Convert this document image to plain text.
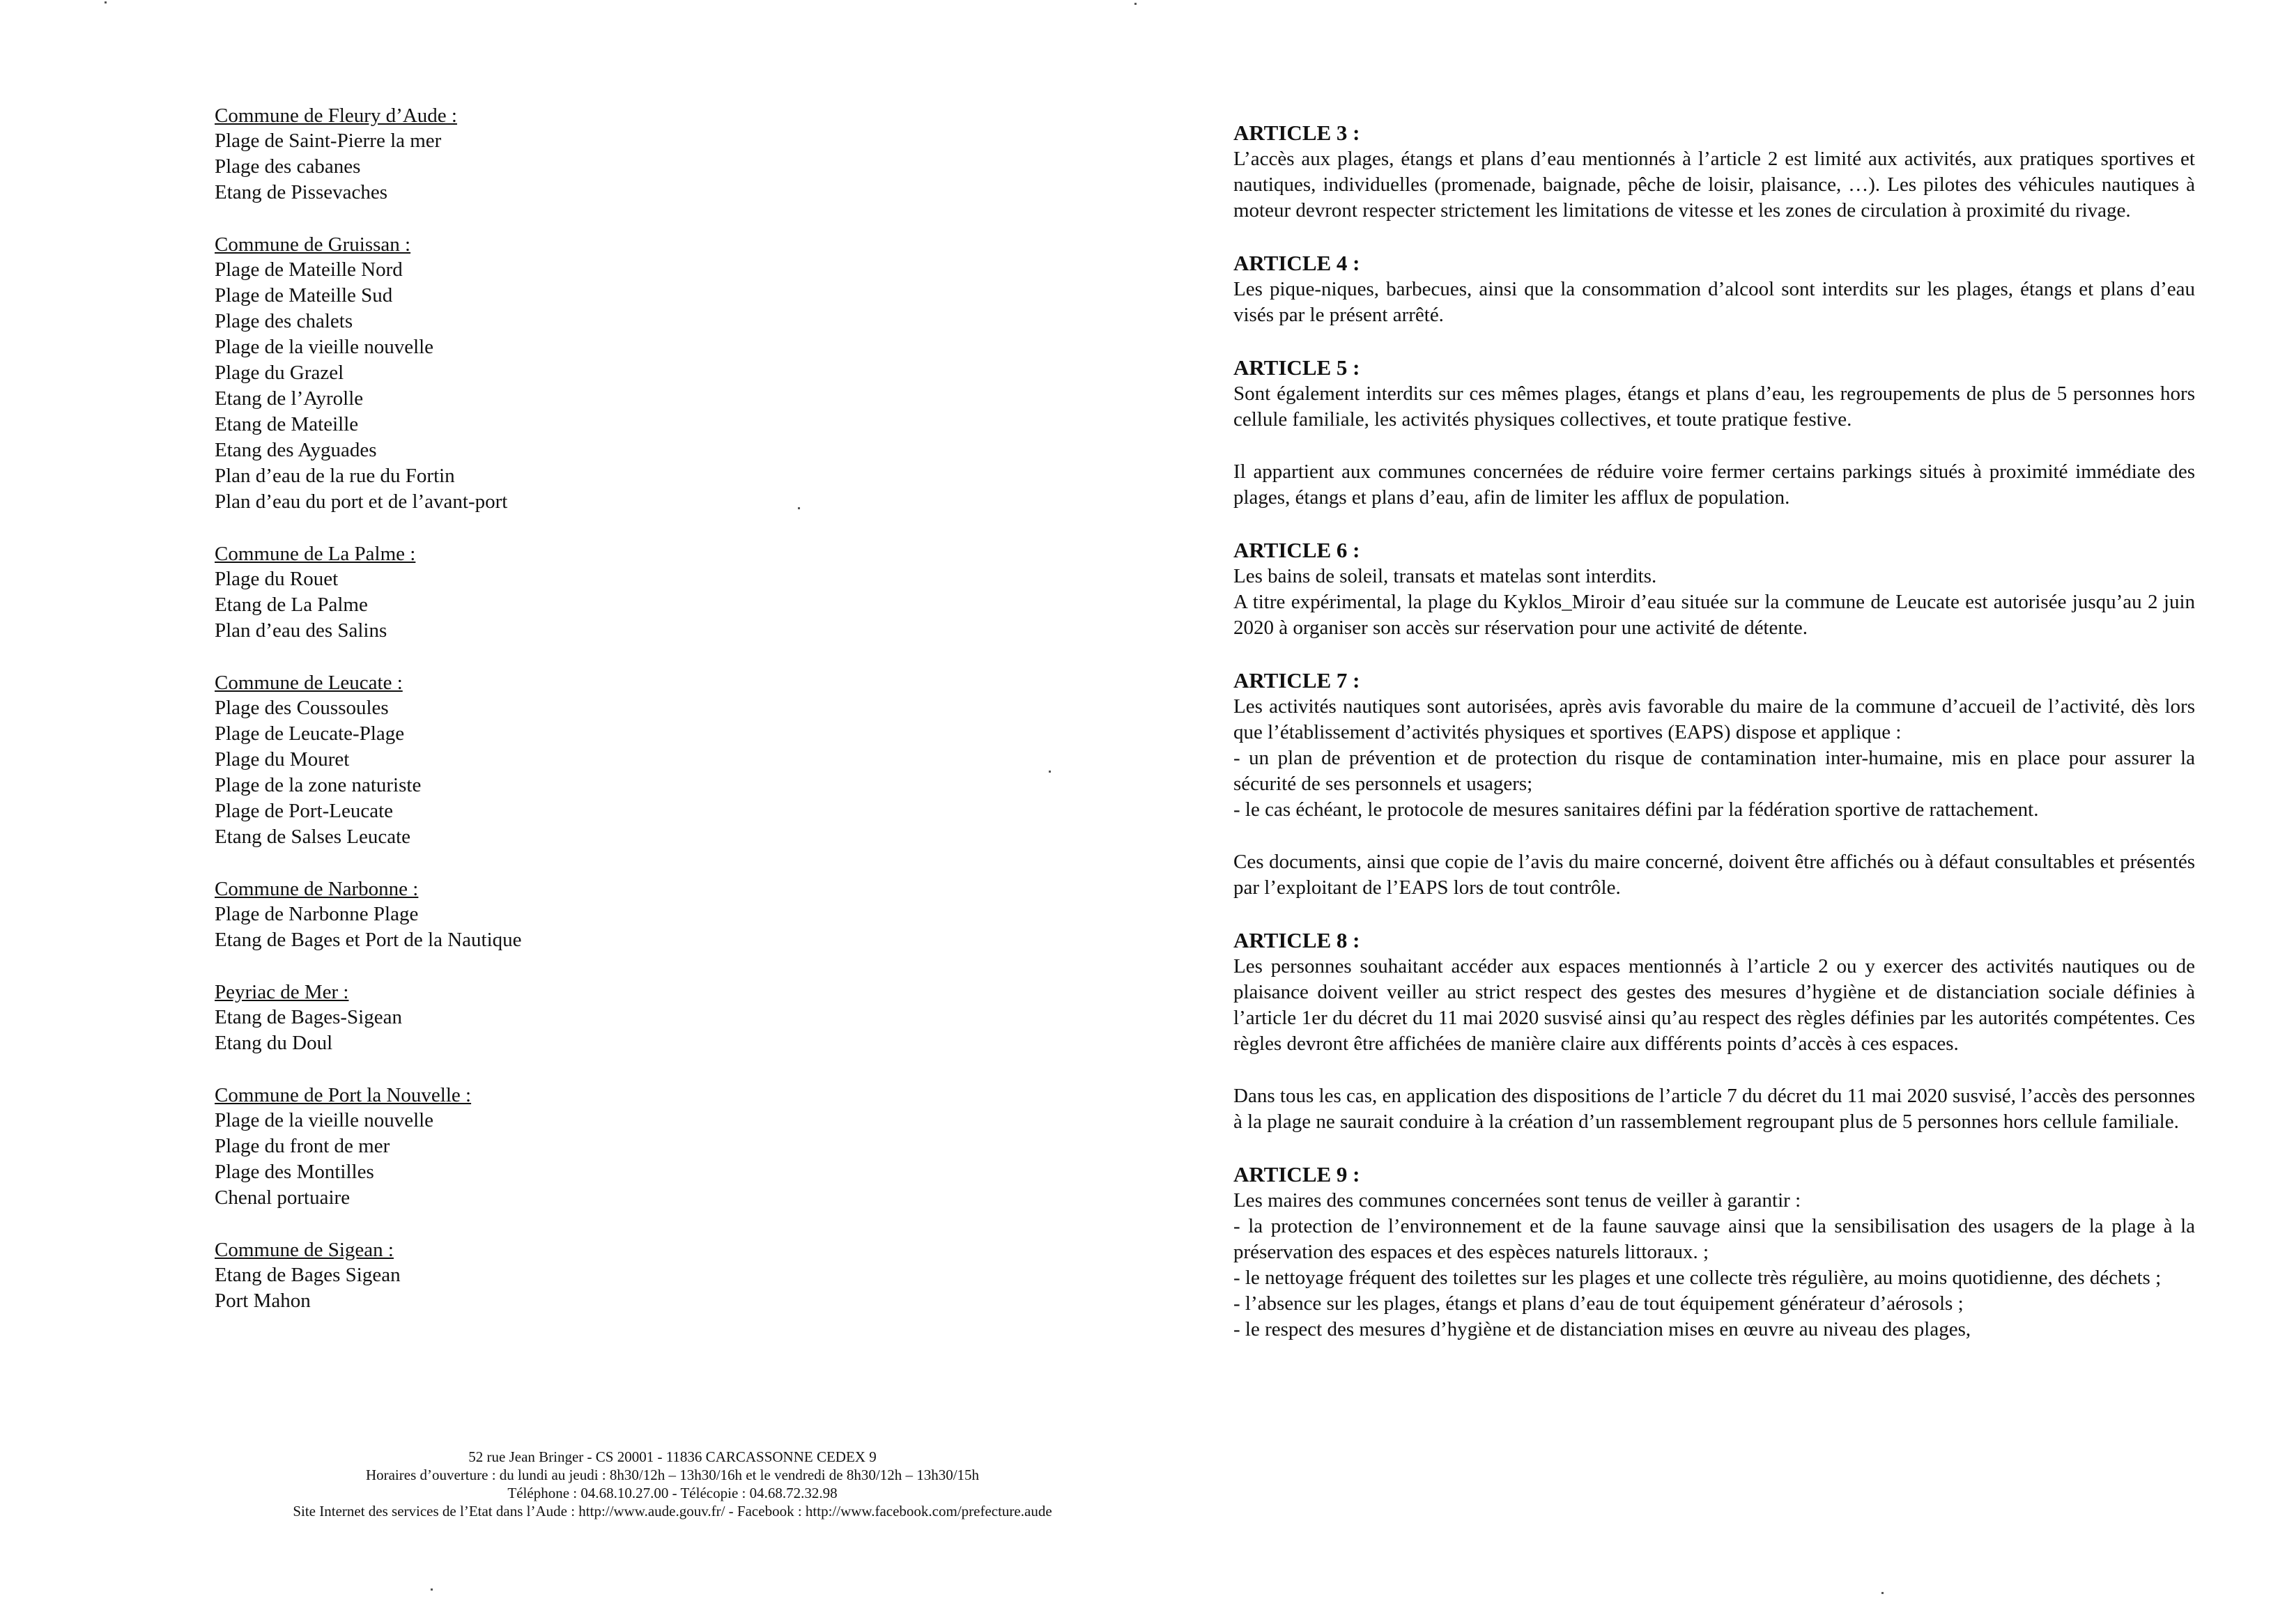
Commune de Fleury d’Aude :
Plage de Saint-Pierre la mer
Plage des cabanes
Etang de Pissevaches
Commune de Gruissan :
Plage de Mateille Nord
Plage de Mateille Sud
Plage des chalets
Plage de la vieille nouvelle
Plage du Grazel
Etang de l’Ayrolle
Etang de Mateille
Etang des Ayguades
Plan d’eau de la rue du Fortin
Plan d’eau du port et de l’avant-port
Commune de La Palme :
Plage du Rouet
Etang de La Palme
Plan d’eau des Salins
Commune de Leucate :
Plage des Coussoules
Plage de Leucate-Plage
Plage du Mouret
Plage de la zone naturiste
Plage de Port-Leucate
Etang de Salses Leucate
Commune de Narbonne :
Plage de Narbonne Plage
Etang de Bages et Port de la Nautique
Peyriac de Mer :
Etang de Bages-Sigean
Etang du Doul
Commune de Port la Nouvelle :
Plage de la vieille nouvelle
Plage du front de mer
Plage des Montilles
Chenal portuaire
Commune de Sigean :
Etang de Bages Sigean
Port Mahon
52 rue Jean Bringer - CS 20001 - 11836 CARCASSONNE CEDEX 9
Horaires d’ouverture : du lundi au jeudi : 8h30/12h – 13h30/16h et le vendredi de 8h30/12h – 13h30/15h
Téléphone : 04.68.10.27.00 - Télécopie : 04.68.72.32.98
Site Internet des services de l’Etat dans l’Aude : http://www.aude.gouv.fr/ - Facebook : http://www.facebook.com/prefecture.aude
ARTICLE 3 :
L’accès aux plages, étangs et plans d’eau mentionnés à l’article 2 est limité aux activités, aux pratiques sportives et nautiques, individuelles (promenade, baignade, pêche de loisir, plaisance, …). Les pilotes des véhicules nautiques à moteur devront respecter strictement les limitations de vitesse et les zones de circulation à proximité du rivage.
ARTICLE 4 :
Les pique-niques, barbecues, ainsi que la consommation d’alcool sont interdits sur les plages, étangs et plans d’eau visés par le présent arrêté.
ARTICLE 5 :
Sont également interdits sur ces mêmes plages, étangs et plans d’eau, les regroupements de plus de 5 personnes hors cellule familiale, les activités physiques collectives, et toute pratique festive.
Il appartient aux communes concernées de réduire voire fermer certains parkings situés à proximité immédiate des plages, étangs et plans d’eau, afin de limiter les afflux de population.
ARTICLE 6 :
Les bains de soleil, transats et matelas sont interdits.
A titre expérimental, la plage du Kyklos_Miroir d’eau située sur la commune de Leucate est autorisée jusqu’au 2 juin 2020 à organiser son accès sur réservation pour une activité de détente.
ARTICLE 7 :
Les activités nautiques sont autorisées, après avis favorable du maire de la commune d’accueil de l’activité, dès lors que l’établissement d’activités physiques et sportives (EAPS) dispose et applique :
- un plan de prévention et de protection du risque de contamination inter-humaine, mis en place pour assurer la sécurité de ses personnels et usagers;
- le cas échéant, le protocole de mesures sanitaires défini par la fédération sportive de rattachement.
Ces documents, ainsi que copie de l’avis du maire concerné, doivent être affichés ou à défaut consultables et présentés par l’exploitant de l’EAPS lors de tout contrôle.
ARTICLE 8 :
Les personnes souhaitant accéder aux espaces mentionnés à l’article 2 ou y exercer des activités nautiques ou de plaisance doivent veiller au strict respect des gestes des mesures d’hygiène et de distanciation sociale définies à l’article 1er du décret du 11 mai 2020 susvisé ainsi qu’au respect des règles définies par les autorités compétentes. Ces règles devront être affichées de manière claire aux différents points d’accès à ces espaces.
Dans tous les cas, en application des dispositions de l’article 7 du décret du 11 mai 2020 susvisé, l’accès des personnes à la plage ne saurait conduire à la création d’un rassemblement regroupant plus de 5 personnes hors cellule familiale.
ARTICLE 9 :
Les maires des communes concernées sont tenus de veiller à garantir :
- la protection de l’environnement et de la faune sauvage ainsi que la sensibilisation des usagers de la plage à la préservation des espaces et des espèces naturels littoraux. ;
- le nettoyage fréquent des toilettes sur les plages et une collecte très régulière, au moins quotidienne, des déchets ;
- l’absence sur les plages, étangs et plans d’eau de tout équipement générateur d’aérosols ;
- le respect des mesures d’hygiène et de distanciation mises en œuvre au niveau des plages,
